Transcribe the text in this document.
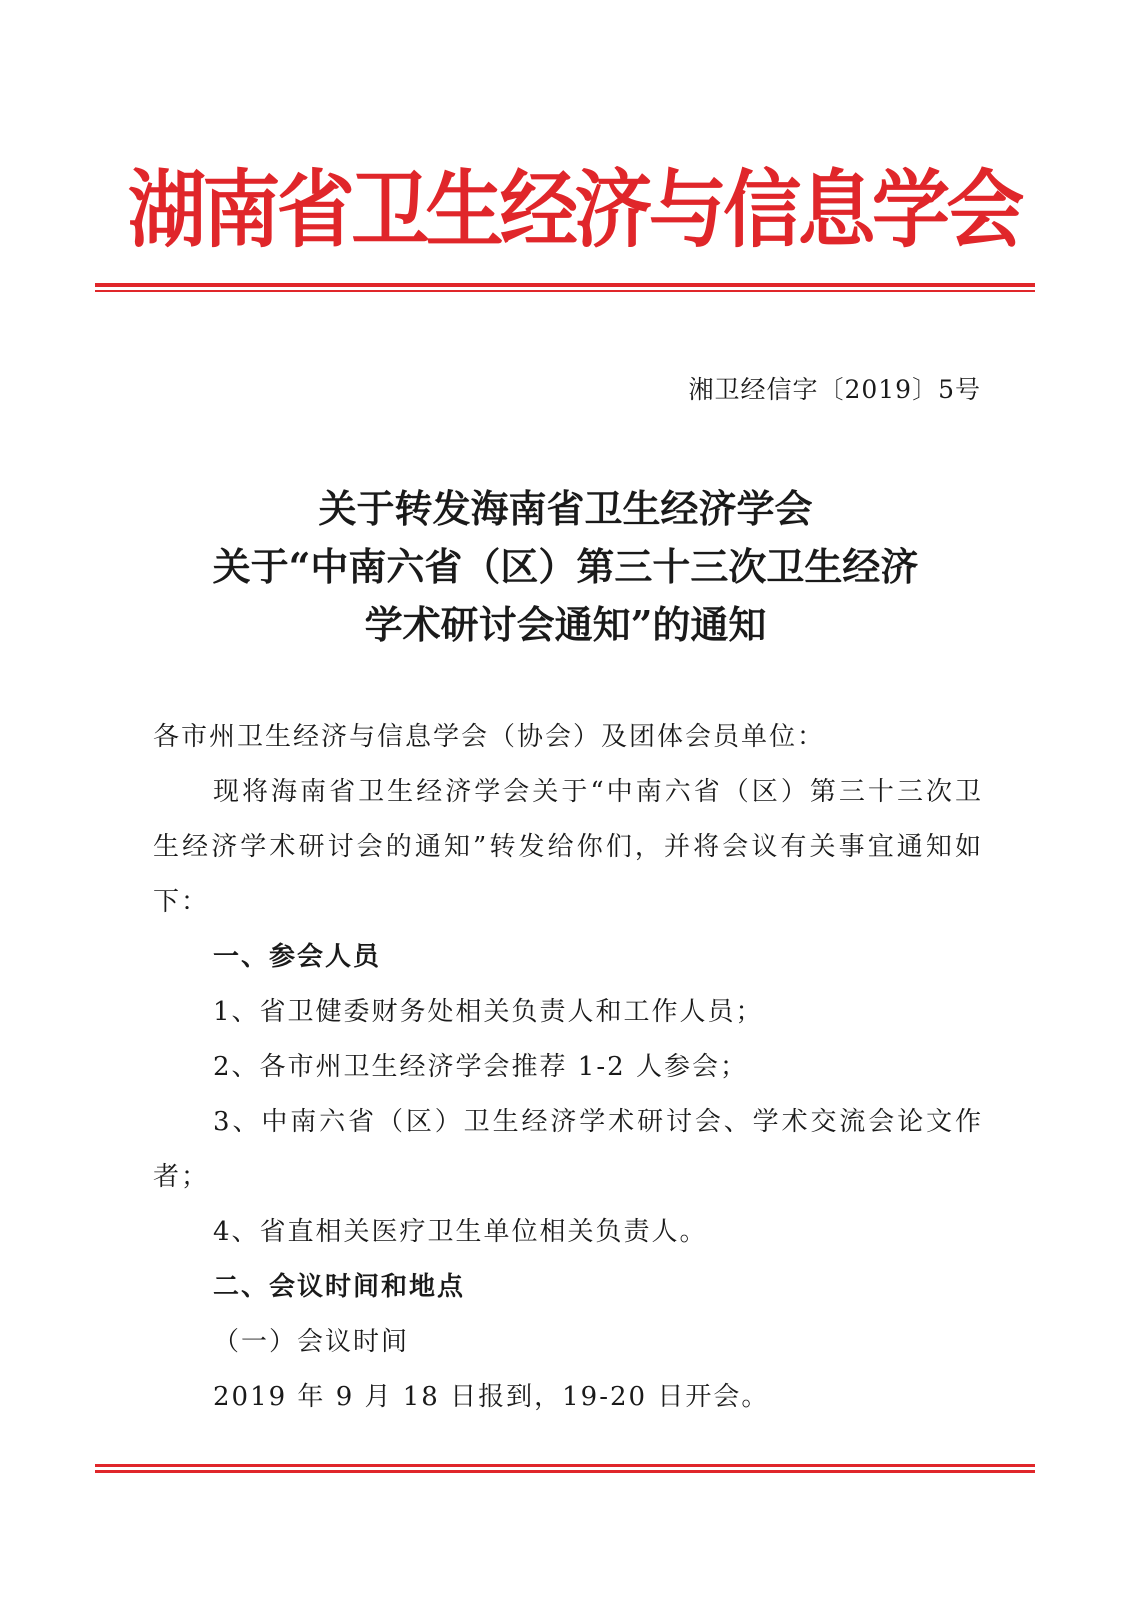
湖南省卫生经济与信息学会
湘卫经信字〔2019〕5号
关于转发海南省卫生经济学会
关于“中南六省（区）第三十三次卫生经济
学术研讨会通知”的通知

各市州卫生经济与信息学会（协会）及团体会员单位：

现将海南省卫生经济学会关于“中南六省（区）第三十三次卫生经济学术研讨会的通知”转发给你们，并将会议有关事宜通知如下：

一、参会人员

1、省卫健委财务处相关负责人和工作人员；

2、各市州卫生经济学会推荐 1-2 人参会；

3、中南六省（区）卫生经济学术研讨会、学术交流会论文作者；

4、省直相关医疗卫生单位相关负责人。

二、会议时间和地点

（一）会议时间

2019 年 9 月 18 日报到，19-20 日开会。
